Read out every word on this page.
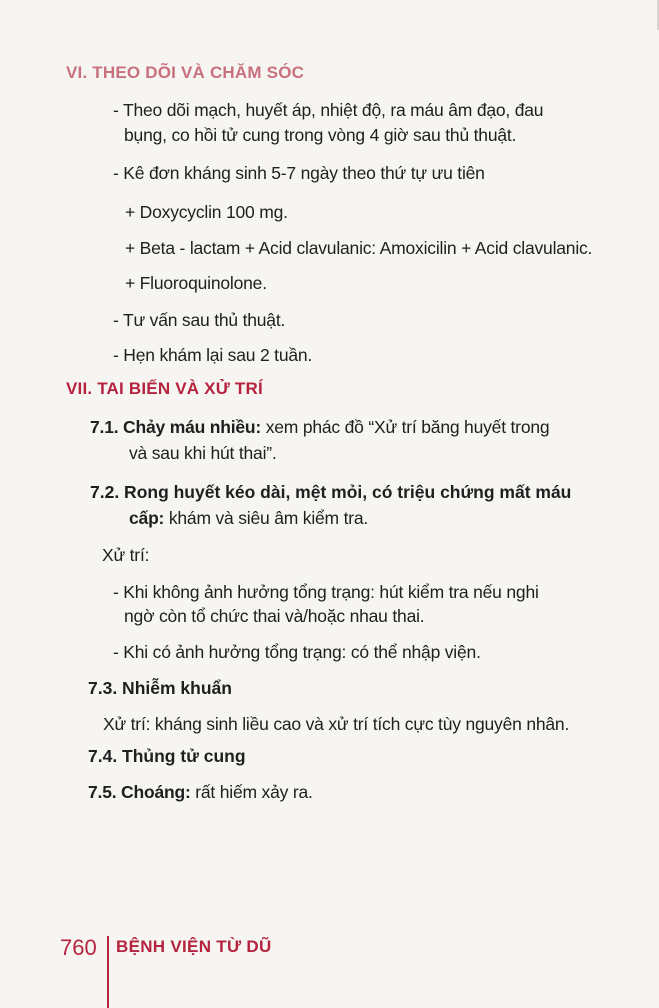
VI. THEO DÕI VÀ CHĂM SÓC
- Theo dõi mạch, huyết áp, nhiệt độ, ra máu âm đạo, đau
bụng, co hồi tử cung trong vòng 4 giờ sau thủ thuật.
- Kê đơn kháng sinh 5-7 ngày theo thứ tự ưu tiên
+ Doxycyclin 100 mg.
+ Beta - lactam + Acid clavulanic: Amoxicilin + Acid clavulanic.
+ Fluoroquinolone.
- Tư vấn sau thủ thuật.
- Hẹn khám lại sau 2 tuần.
VII. TAI BIẾN VÀ XỬ TRÍ
7.1. Chảy máu nhiều: xem phác đồ “Xử trí băng huyết trong
và sau khi hút thai”.
7.2. Rong huyết kéo dài, mệt mỏi, có triệu chứng mất máu
cấp: khám và siêu âm kiểm tra.
Xử trí:
- Khi không ảnh hưởng tổng trạng: hút kiểm tra nếu nghi
ngờ còn tổ chức thai và/hoặc nhau thai.
- Khi có ảnh hưởng tổng trạng: có thể nhập viện.
7.3. Nhiễm khuẩn
Xử trí: kháng sinh liều cao và xử trí tích cực tùy nguyên nhân.
7.4. Thủng tử cung
7.5. Choáng: rất hiếm xảy ra.
760 BỆNH VIỆN TỪ DŨ
